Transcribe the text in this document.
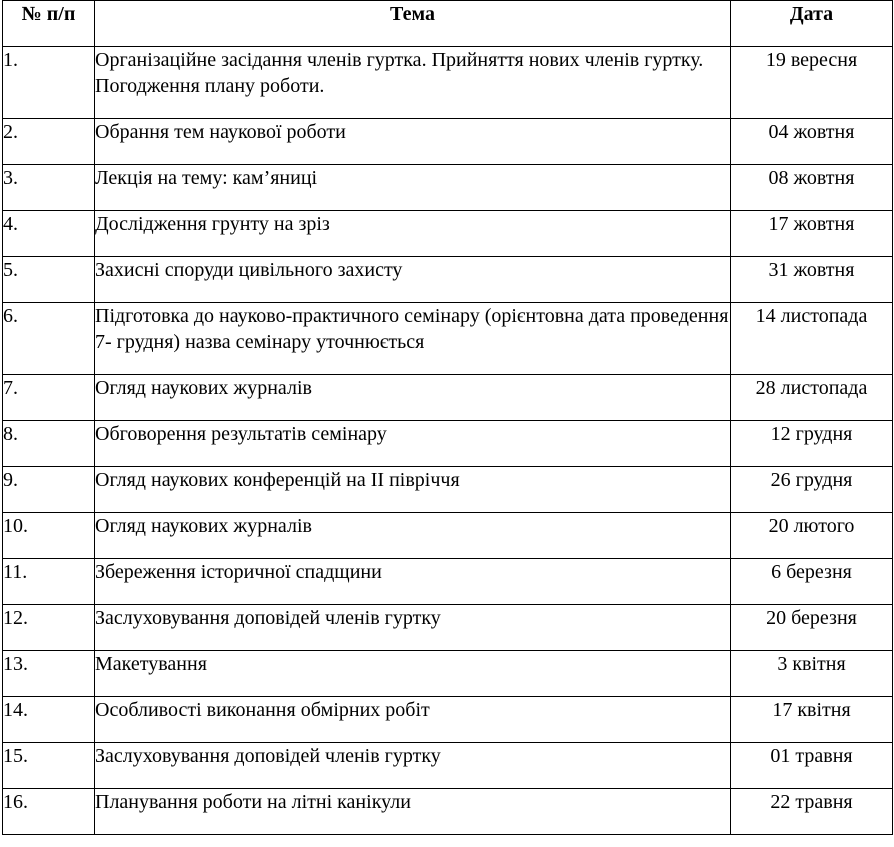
№ п/п	Тема	Дата
1.	Організаційне засідання членів гуртка. Прийняття нових членів гуртку. Погодження плану роботи.	19 вересня
2.	Обрання тем наукової роботи	04 жовтня
3.	Лекція на тему: кам’яниці	08 жовтня
4.	Дослідження грунту на зріз	17 жовтня
5.	Захисні споруди цивільного захисту	31 жовтня
6.	Підготовка до науково-практичного семінару (орієнтовна дата проведення 7- грудня) назва семінару уточнюється	14 листопада
7.	Огляд наукових журналів	28 листопада
8.	Обговорення результатів семінару	12 грудня
9.	Огляд наукових конференцій на II півріччя	26 грудня
10.	Огляд наукових журналів	20 лютого
11.	Збереження історичної спадщини	6 березня
12.	Заслуховування доповідей членів гуртку	20 березня
13.	Макетування	3 квітня
14.	Особливості виконання обмірних робіт	17 квітня
15.	Заслуховування доповідей членів гуртку	01 травня
16.	Планування роботи на літні канікули	22 травня
